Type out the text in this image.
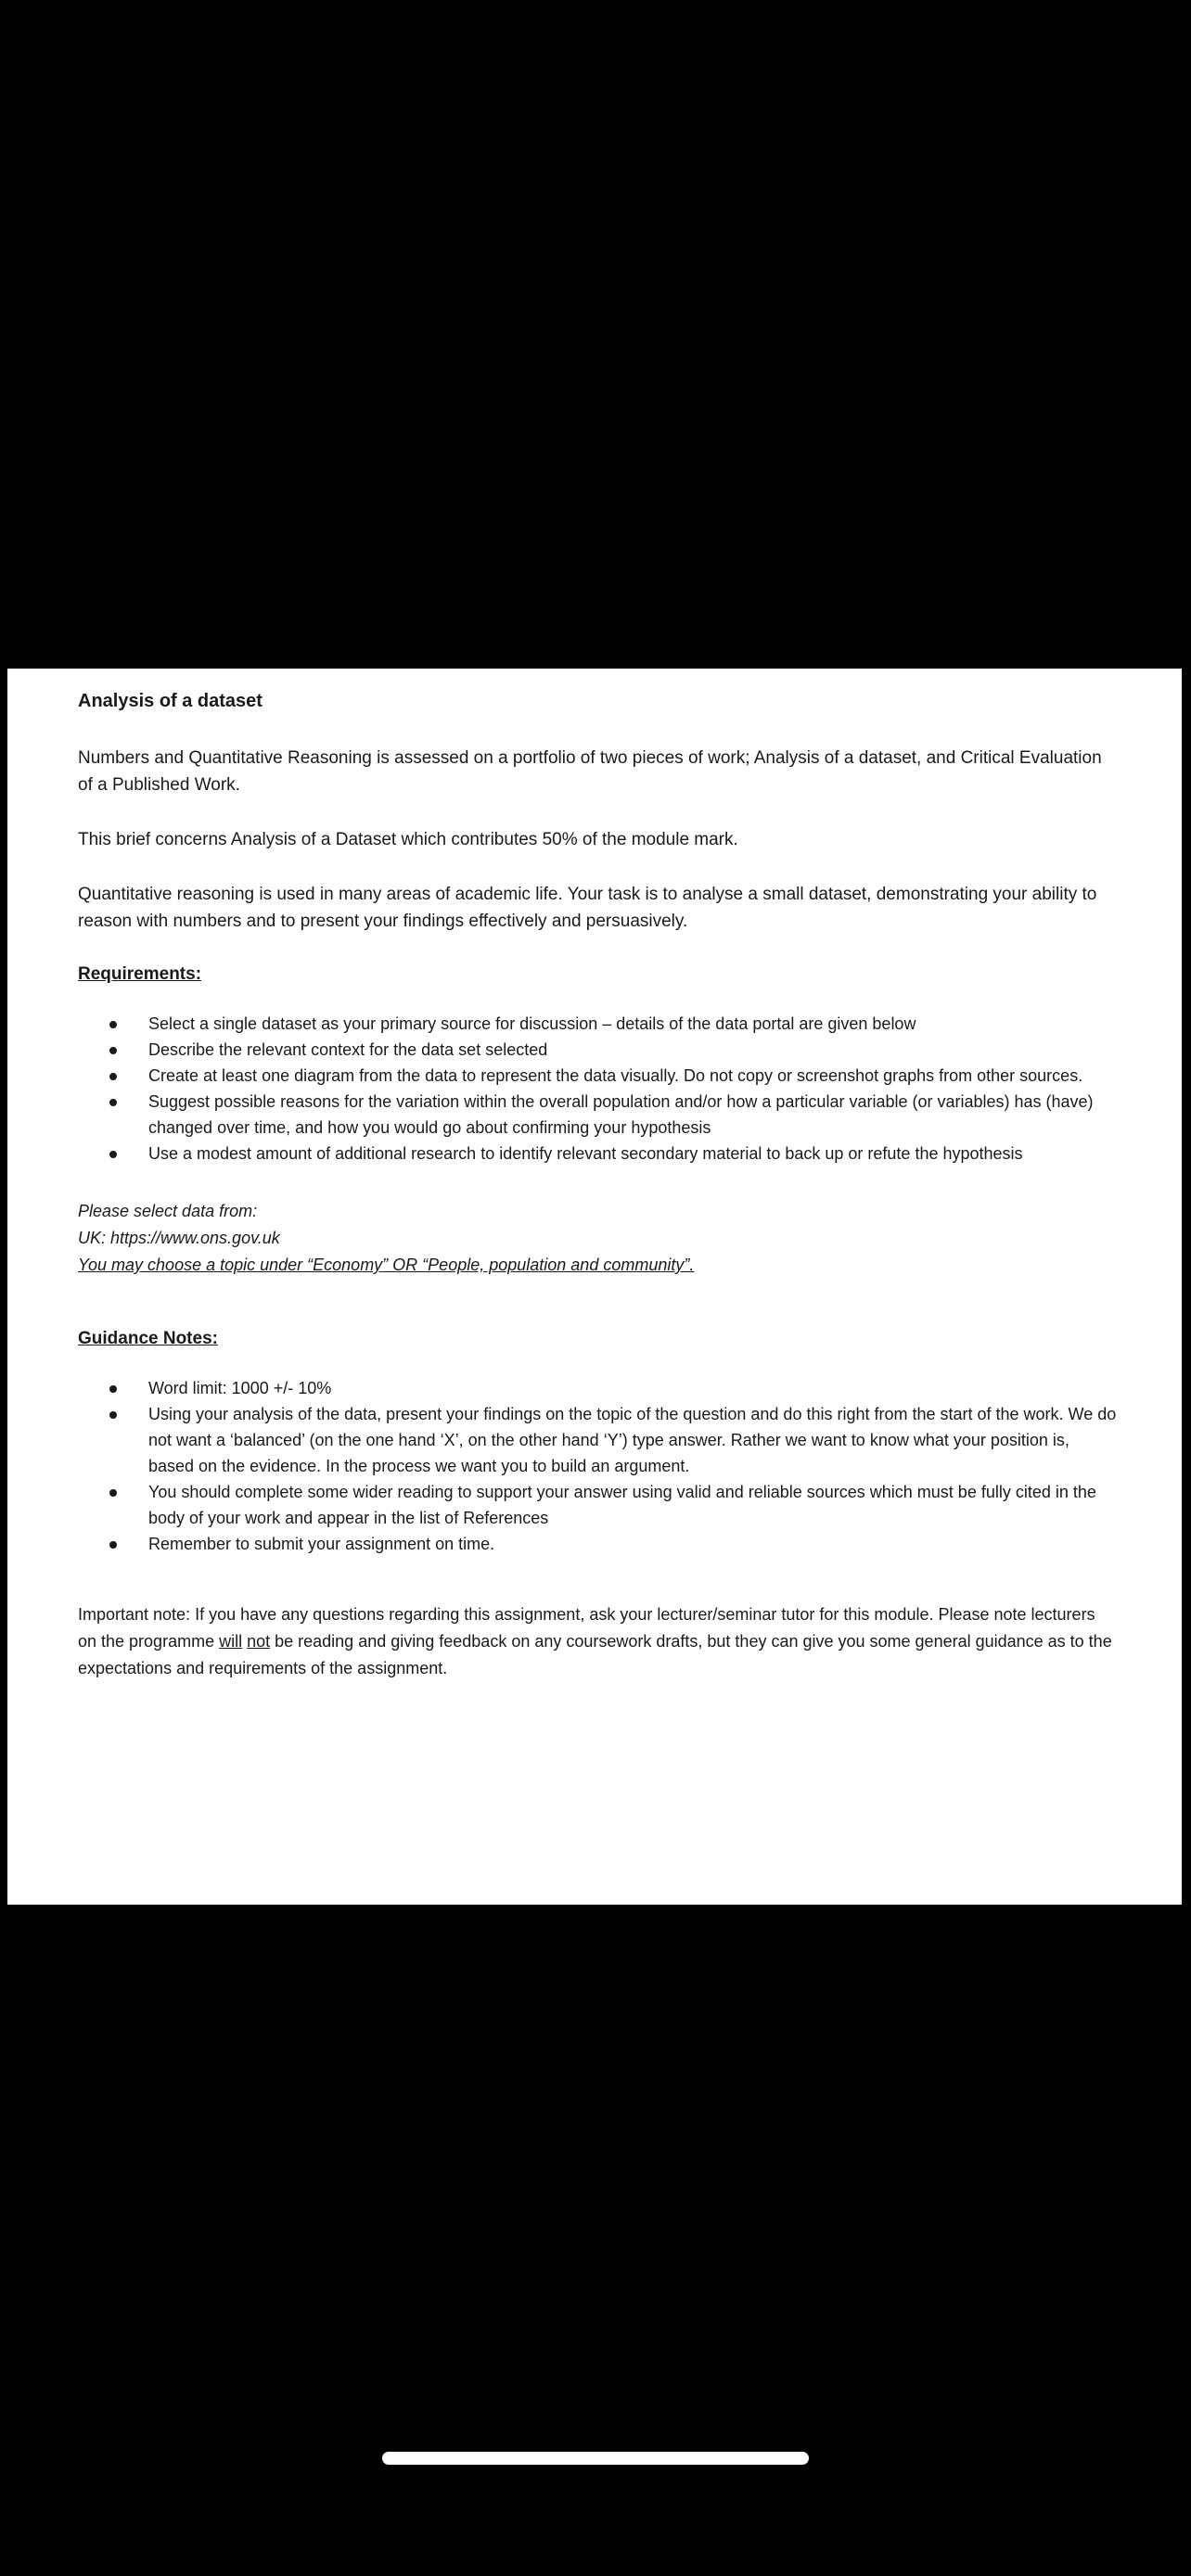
Analysis of a dataset

Numbers and Quantitative Reasoning is assessed on a portfolio of two pieces of work; Analysis of a dataset, and Critical Evaluation of a Published Work.

This brief concerns Analysis of a Dataset which contributes 50% of the module mark.

Quantitative reasoning is used in many areas of academic life. Your task is to analyse a small dataset, demonstrating your ability to reason with numbers and to present your findings effectively and persuasively.

Requirements:
Select a single dataset as your primary source for discussion – details of the data portal are given below
Describe the relevant context for the data set selected
Create at least one diagram from the data to represent the data visually. Do not copy or screenshot graphs from other sources.
Suggest possible reasons for the variation within the overall population and/or how a particular variable (or variables) has (have) changed over time, and how you would go about confirming your hypothesis
Use a modest amount of additional research to identify relevant secondary material to back up or refute the hypothesis
Please select data from:
UK: https://www.ons.gov.uk
You may choose a topic under “Economy” OR “People, population and community”.
Guidance Notes:
Word limit: 1000 +/- 10%
Using your analysis of the data, present your findings on the topic of the question and do this right from the start of the work. We do not want a ‘balanced’ (on the one hand ‘X’, on the other hand ‘Y’) type answer. Rather we want to know what your position is, based on the evidence. In the process we want you to build an argument.
You should complete some wider reading to support your answer using valid and reliable sources which must be fully cited in the body of your work and appear in the list of References
Remember to submit your assignment on time.

Important note: If you have any questions regarding this assignment, ask your lecturer/seminar tutor for this module. Please note lecturers on the programme will not be reading and giving feedback on any coursework drafts, but they can give you some general guidance as to the expectations and requirements of the assignment.
